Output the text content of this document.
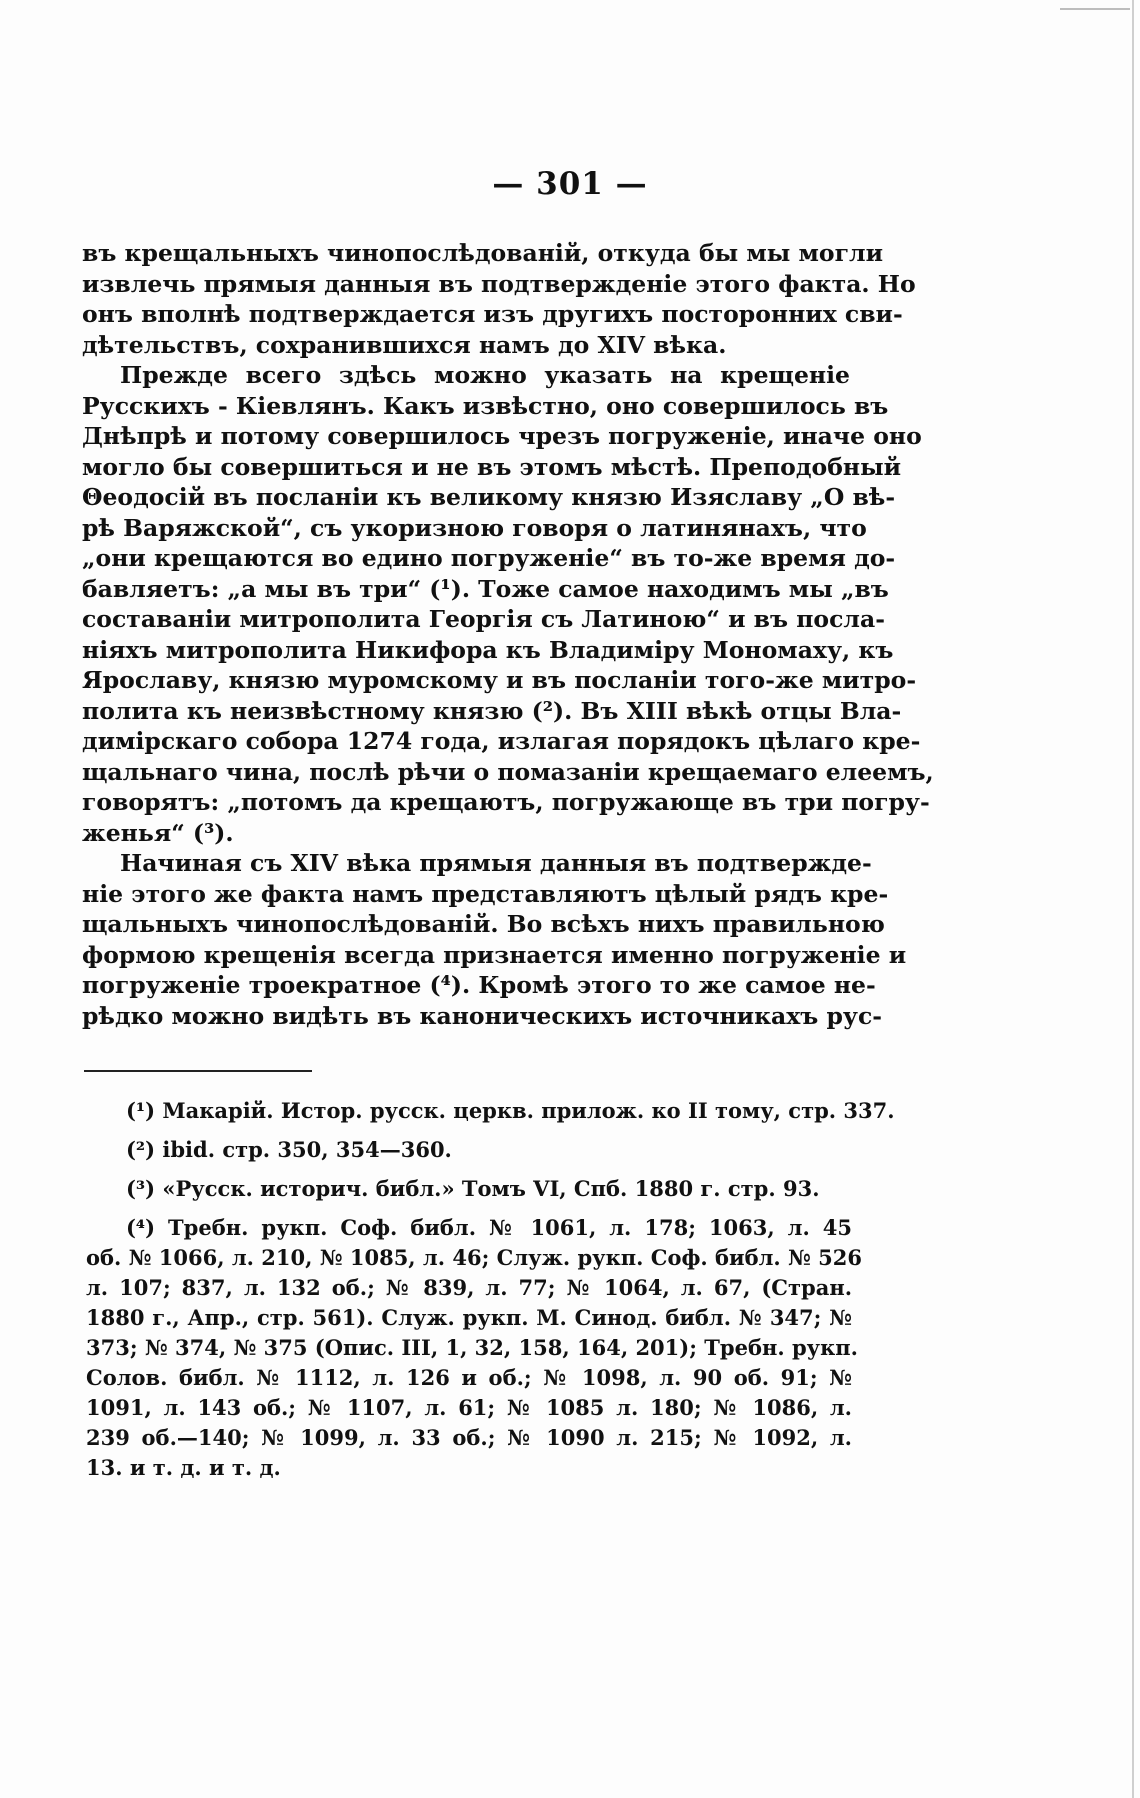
— 301 —
въ крещальныхъ чинопослѣдованiй, откуда бы мы могли
извлечь прямыя данныя въ подтвержденiе этого факта. Но
онъ вполнѣ подтверждается изъ другихъ посторонних сви-
дѣтельствъ, сохранившихся намъ до XIV вѣка.
Прежде всего здѣсь можно указать на крещенiе
Русскихъ - Кiевлянъ. Какъ извѣстно, оно совершилось въ
Днѣпрѣ и потому совершилось чрезъ погруженiе, иначе оно
могло бы совершиться и не въ этомъ мѣстѣ. Преподобный
Θеодосiй въ посланiи къ великому князю Изяславу „О вѣ-
рѣ Варяжской“, съ укоризною говоря о латинянахъ, что
„они крещаются во едино погруженiе“ въ то-же время до-
бавляетъ: „а мы въ три“ (¹). Тоже самое находимъ мы „въ
составанiи митрополита Георгiя съ Латиною“ и въ посла-
нiяхъ митрополита Никифора къ Владимiру Мономаху, къ
Ярославу, князю муромскому и въ посланiи того-же митро-
полита къ неизвѣстному князю (²). Въ XIII вѣкѣ отцы Вла-
димiрскаго собора 1274 года, излагая порядокъ цѣлаго кре-
щальнаго чина, послѣ рѣчи о помазанiи крещаемаго елеемъ,
говорятъ: „потомъ да крещаютъ, погружающе въ три погру-
женья“ (³).
Начиная съ XIV вѣка прямыя данныя въ подтвержде-
нiе этого же факта намъ представляютъ цѣлый рядъ кре-
щальныхъ чинопослѣдованiй. Во всѣхъ нихъ правильною
формою крещенiя всегда признается именно погруженiе и
погруженiе троекратное (⁴). Кромѣ этого то же самое не-
рѣдко можно видѣть въ каноническихъ источникахъ рус-
(¹) Макарiй. Истор. русск. церкв. прилож. ко II тому, стр. 337.
(²) ibid. стр. 350, 354—360.
(³) «Русск. историч. библ.» Томъ VI, Спб. 1880 г. стр. 93.
(⁴) Требн. рукп. Соф. библ. № 1061, л. 178; 1063, л. 45
об. № 1066, л. 210, № 1085, л. 46; Служ. рукп. Соф. библ. № 526
л. 107; 837, л. 132 об.; № 839, л. 77; № 1064, л. 67, (Стран.
1880 г., Апр., стр. 561). Служ. рукп. М. Синод. библ. № 347; №
373; № 374, № 375 (Опис. III, 1, 32, 158, 164, 201); Требн. рукп.
Солов. библ. № 1112, л. 126 и об.; № 1098, л. 90 об. 91; №
1091, л. 143 об.; № 1107, л. 61; № 1085 л. 180; № 1086, л.
239 об.—140; № 1099, л. 33 об.; № 1090 л. 215; № 1092, л.
13. и т. д. и т. д.
